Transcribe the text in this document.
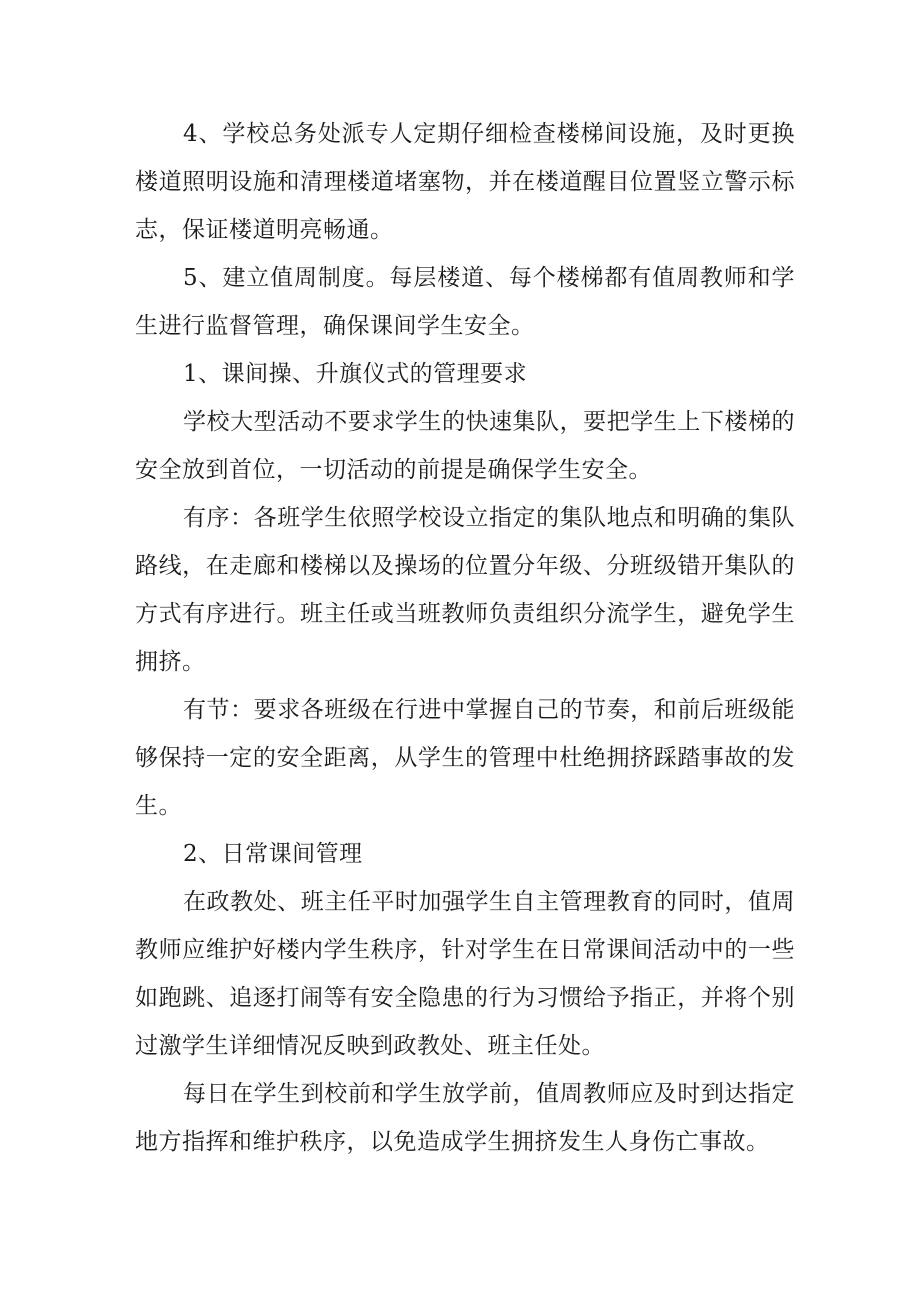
4、学校总务处派专人定期仔细检查楼梯间设施，及时更换楼道照明设施和清理楼道堵塞物，并在楼道醒目位置竖立警示标志，保证楼道明亮畅通。

5、建立值周制度。每层楼道、每个楼梯都有值周教师和学生进行监督管理，确保课间学生安全。

1、课间操、升旗仪式的管理要求

学校大型活动不要求学生的快速集队，要把学生上下楼梯的安全放到首位，一切活动的前提是确保学生安全。

有序：各班学生依照学校设立指定的集队地点和明确的集队路线，在走廊和楼梯以及操场的位置分年级、分班级错开集队的方式有序进行。班主任或当班教师负责组织分流学生，避免学生拥挤。

有节：要求各班级在行进中掌握自己的节奏，和前后班级能够保持一定的安全距离，从学生的管理中杜绝拥挤踩踏事故的发生。

2、日常课间管理

在政教处、班主任平时加强学生自主管理教育的同时，值周教师应维护好楼内学生秩序，针对学生在日常课间活动中的一些如跑跳、追逐打闹等有安全隐患的行为习惯给予指正，并将个别过激学生详细情况反映到政教处、班主任处。

每日在学生到校前和学生放学前，值周教师应及时到达指定地方指挥和维护秩序，以免造成学生拥挤发生人身伤亡事故。
